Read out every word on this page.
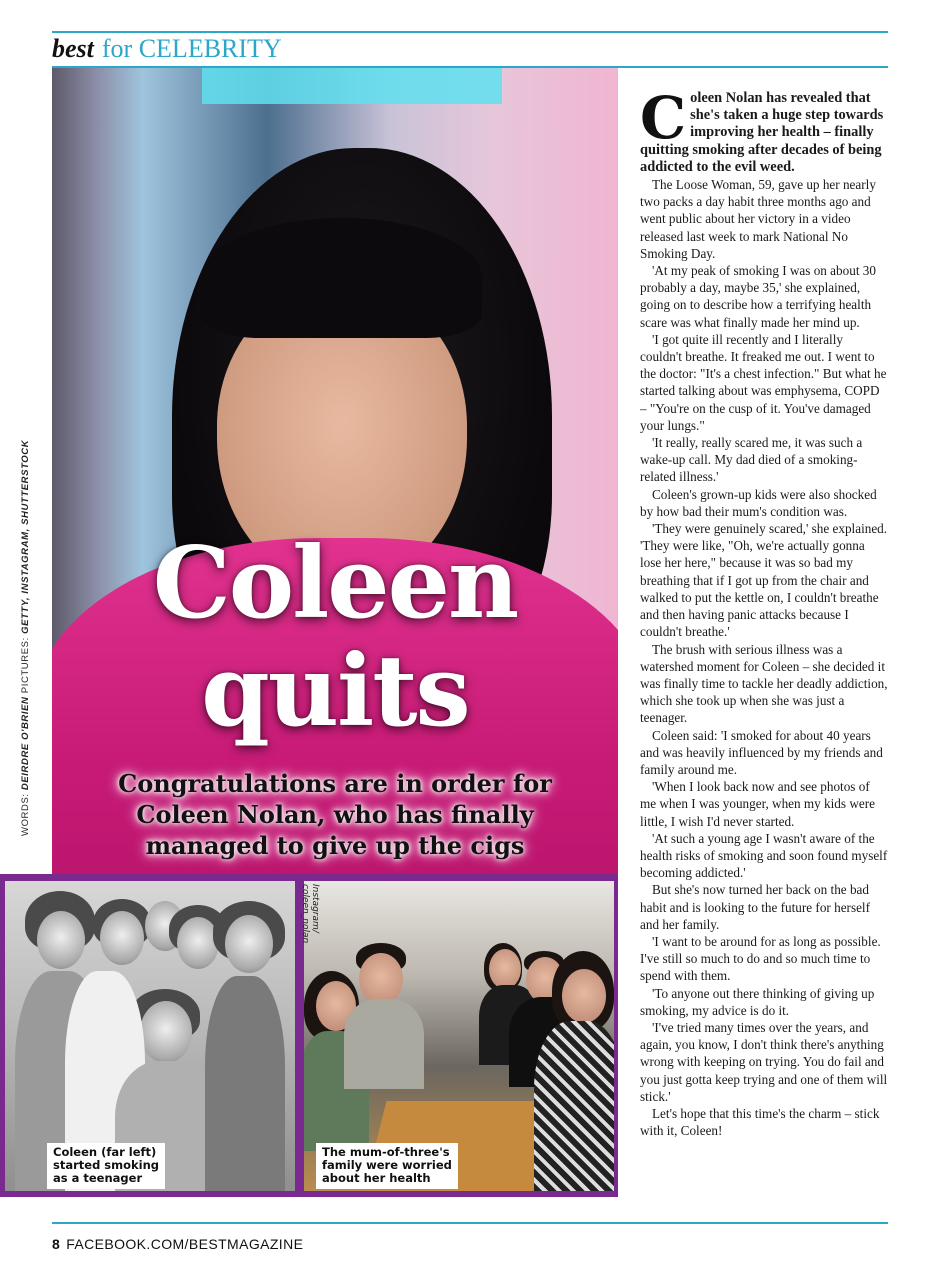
best for CELEBRITY
WORDS: DEIRDRE O'BRIEN PICTURES: GETTY, INSTAGRAM, SHUTTERSTOCK	Coleen
quits
Congratulations are in order for Coleen Nolan, who has finally managed to give up the cigs
Coleen (far left)
started smoking
as a teenager
The mum-of-three's
family were worried
about her health
Instagram/
coleen_nolan

Coleen Nolan has revealed that she's taken a huge step towards improving her health – finally quitting smoking after decades of being addicted to the evil weed.

The Loose Woman, 59, gave up her nearly two packs a day habit three months ago and went public about her victory in a video released last week to mark National No Smoking Day.

'At my peak of smoking I was on about 30 probably a day, maybe 35,' she explained, going on to describe how a terrifying health scare was what finally made her mind up.

'I got quite ill recently and I literally couldn't breathe. It freaked me out. I went to the doctor: "It's a chest infection." But what he started talking about was emphysema, COPD – "You're on the cusp of it. You've damaged your lungs."

'It really, really scared me, it was such a wake-up call. My dad died of a smoking-related illness.'

Coleen's grown-up kids were also shocked by how bad their mum's condition was.

'They were genuinely scared,' she explained. 'They were like, "Oh, we're actually gonna lose her here," because it was so bad my breathing that if I got up from the chair and walked to put the kettle on, I couldn't breathe and then having panic attacks because I couldn't breathe.'

The brush with serious illness was a watershed moment for Coleen – she decided it was finally time to tackle her deadly addiction, which she took up when she was just a teenager.

Coleen said: 'I smoked for about 40 years and was heavily influenced by my friends and family around me.

'When I look back now and see photos of me when I was younger, when my kids were little, I wish I'd never started.

'At such a young age I wasn't aware of the health risks of smoking and soon found myself becoming addicted.'

But she's now turned her back on the bad habit and is looking to the future for herself and her family.

'I want to be around for as long as possible. I've still so much to do and so much time to spend with them.

'To anyone out there thinking of giving up smoking, my advice is do it.

'I've tried many times over the years, and again, you know, I don't think there's anything wrong with keeping on trying. You do fail and you just gotta keep trying and one of them will stick.'

Let's hope that this time's the charm – stick with it, Coleen!

8 FACEBOOK.COM/BESTMAGAZINE
